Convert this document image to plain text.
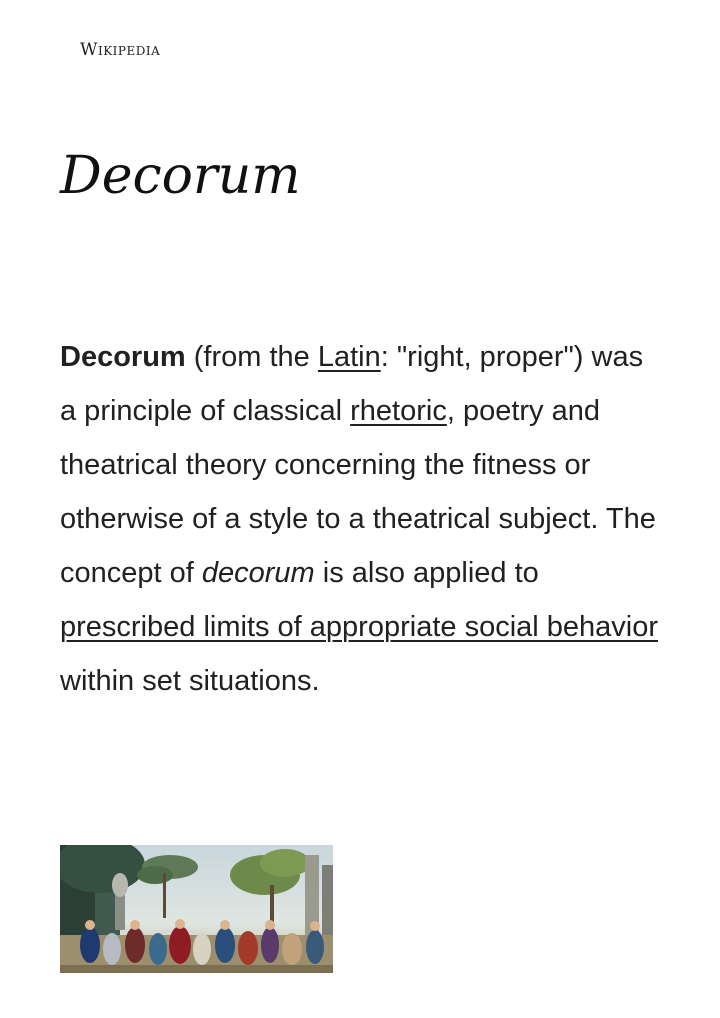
Wikipedia
Decorum

Decorum (from the Latin: "right, proper") was a principle of classical rhetoric, poetry and theatrical theory concerning the fitness or otherwise of a style to a theatrical subject. The concept of decorum is also applied to prescribed limits of appropriate social behavior within set situations.
